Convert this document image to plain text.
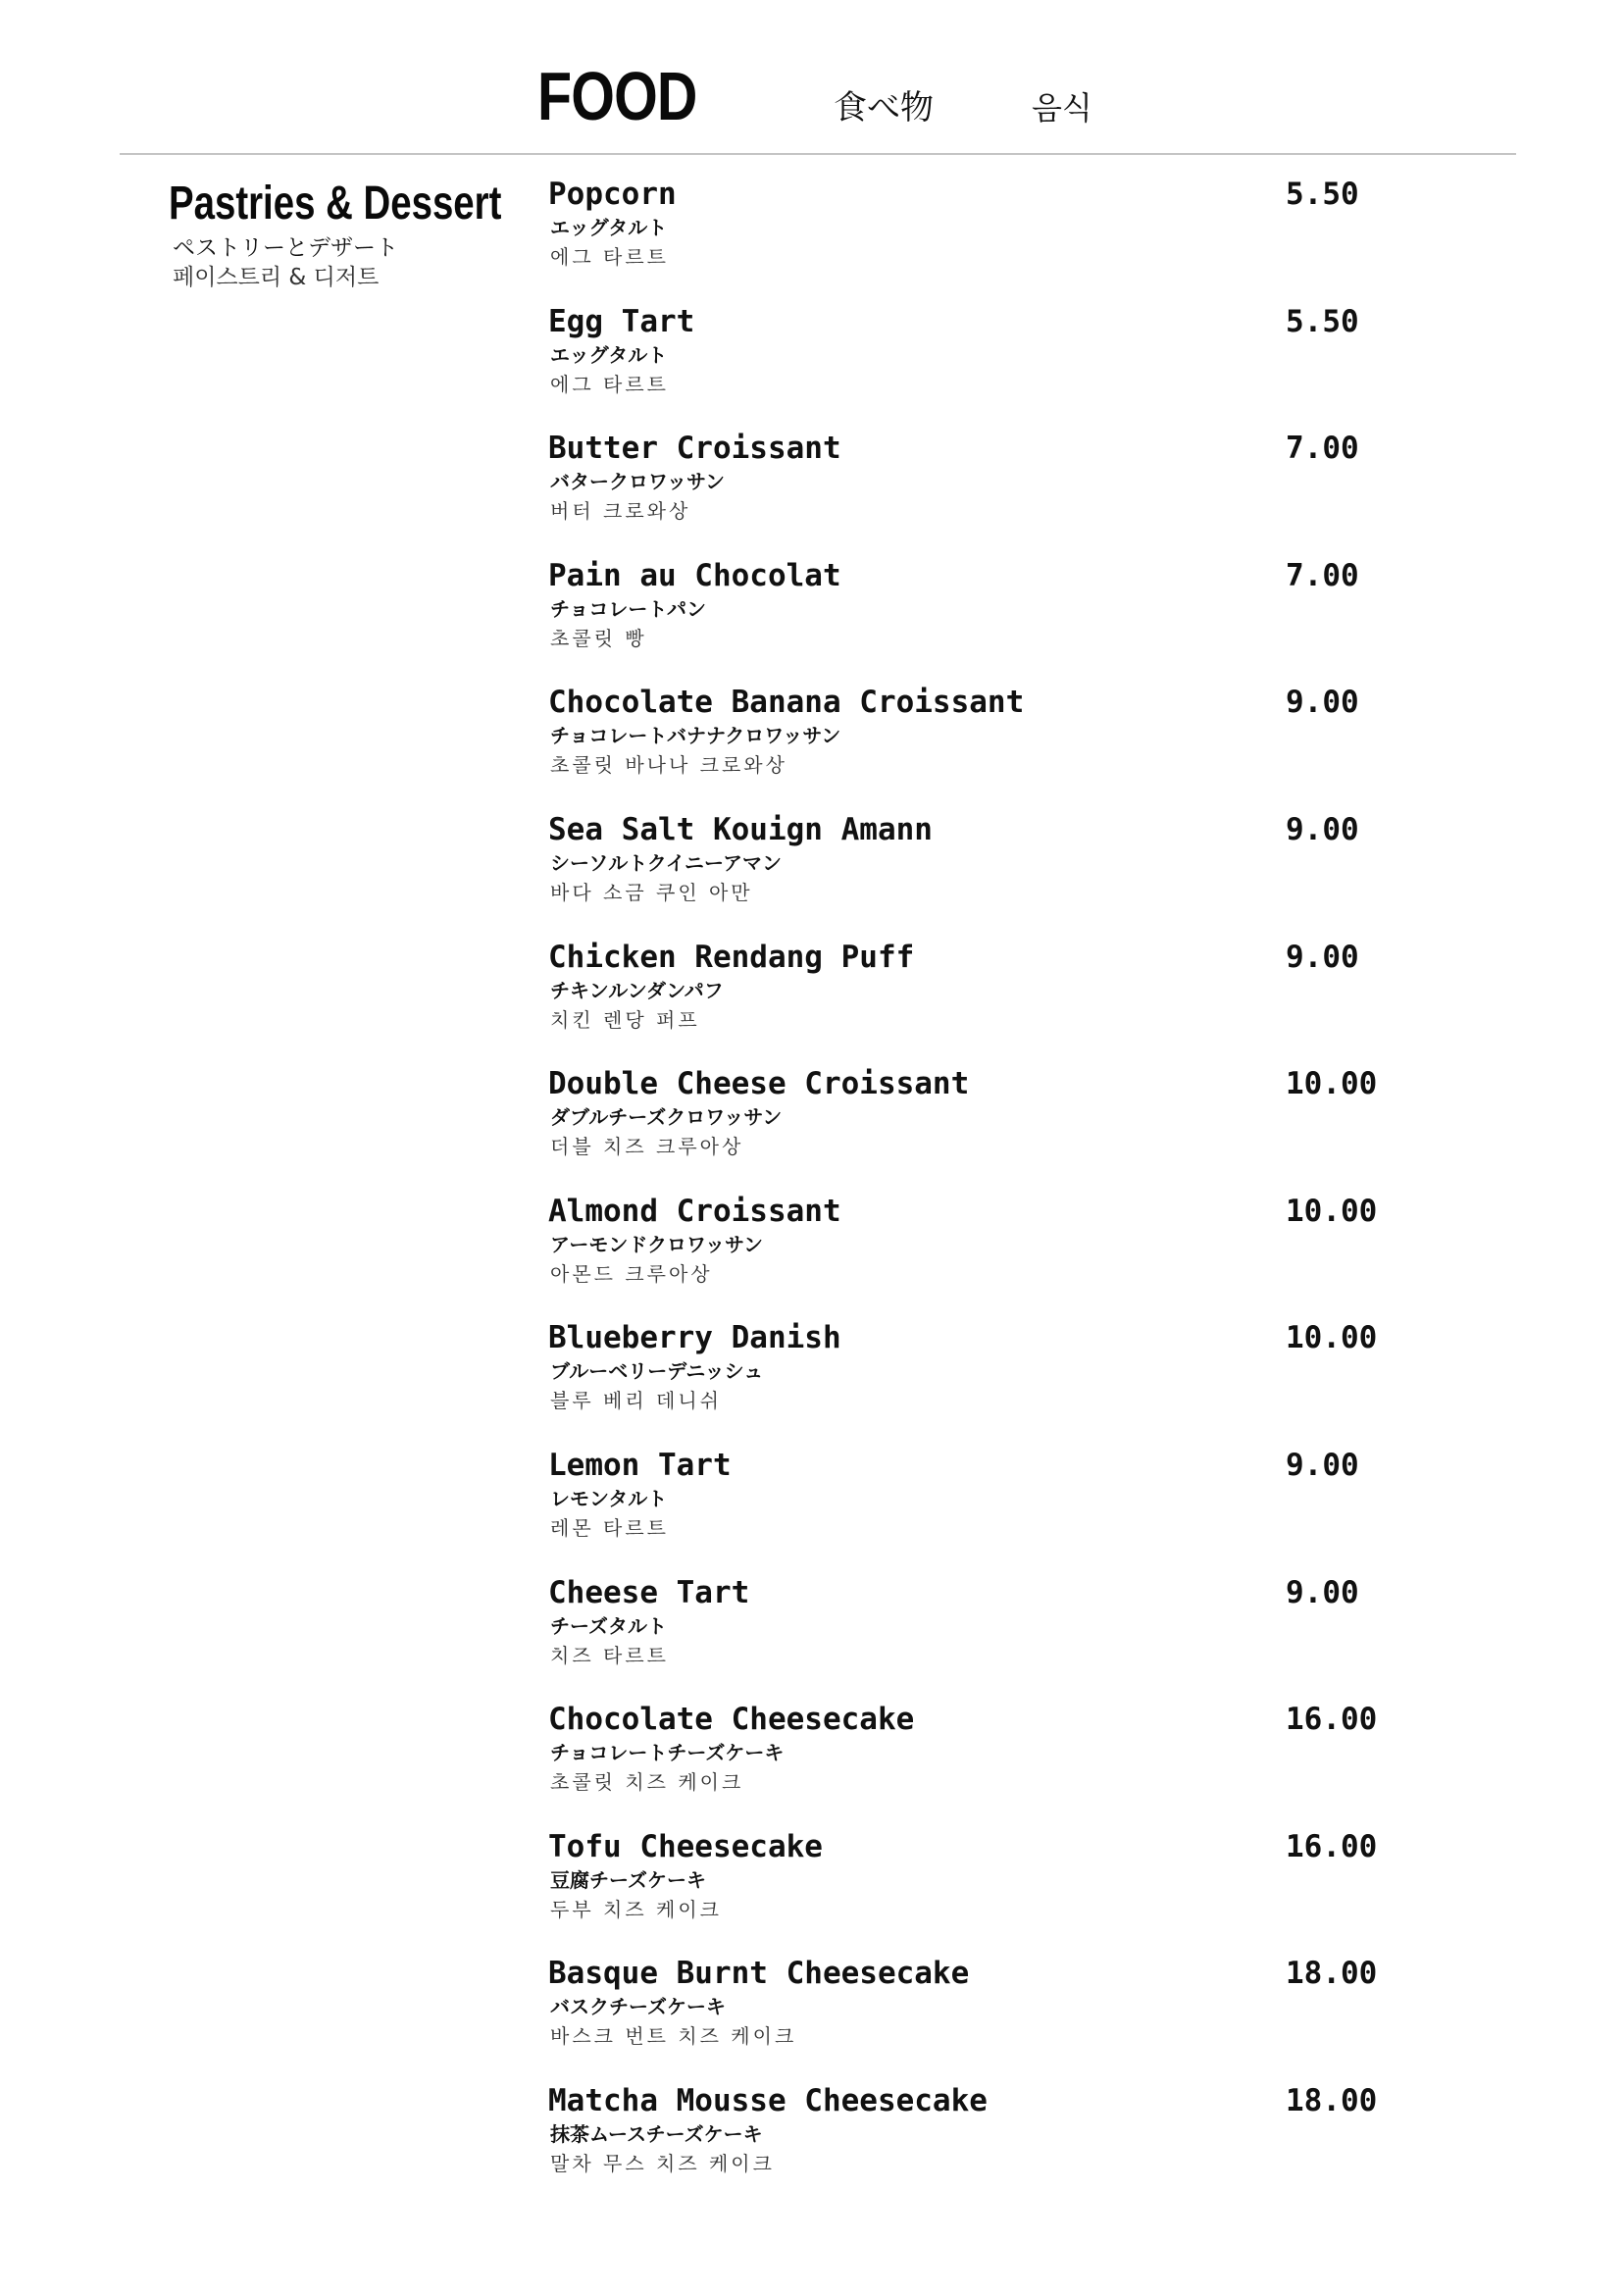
FOOD	食べ物	음식
Pastries & Dessert
ペストリーとデザート
페이스트리 & 디저트
Popcorn	5.50
エッグタルト
에그 타르트
Egg Tart	5.50
エッグタルト
에그 타르트
Butter Croissant	7.00
バタークロワッサン
버터 크로와상
Pain au Chocolat	7.00
チョコレートパン
초콜릿 빵
Chocolate Banana Croissant	9.00
チョコレートバナナクロワッサン
초콜릿 바나나 크로와상
Sea Salt Kouign Amann	9.00
シーソルトクイニーアマン
바다 소금 쿠인 아만
Chicken Rendang Puff	9.00
チキンルンダンパフ
치킨 렌당 퍼프
Double Cheese Croissant	10.00
ダブルチーズクロワッサン
더블 치즈 크루아상
Almond Croissant	10.00
アーモンドクロワッサン
아몬드 크루아상
Blueberry Danish	10.00
ブルーベリーデニッシュ
블루 베리 데니쉬
Lemon Tart	9.00
レモンタルト
레몬 타르트
Cheese Tart	9.00
チーズタルト
치즈 타르트
Chocolate Cheesecake	16.00
チョコレートチーズケーキ
초콜릿 치즈 케이크
Tofu Cheesecake	16.00
豆腐チーズケーキ
두부 치즈 케이크
Basque Burnt Cheesecake	18.00
バスクチーズケーキ
바스크 번트 치즈 케이크
Matcha Mousse Cheesecake	18.00
抹茶ムースチーズケーキ
말차 무스 치즈 케이크
